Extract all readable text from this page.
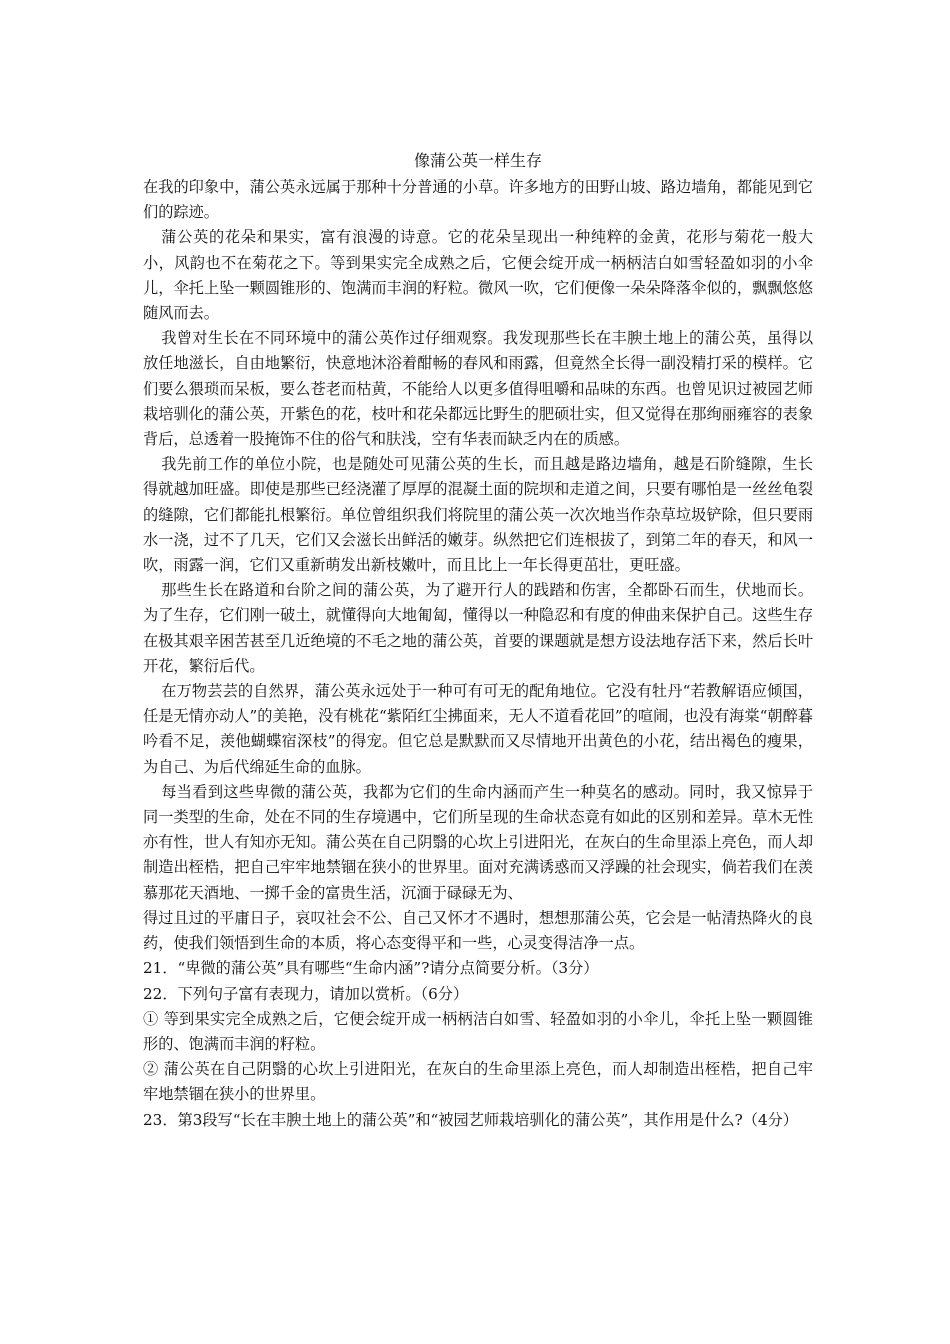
像蒲公英一样生存

在我的印象中，蒲公英永远属于那种十分普通的小草。许多地方的田野山坡、路边墙角，都能见到它们的踪迹。

蒲公英的花朵和果实，富有浪漫的诗意。它的花朵呈现出一种纯粹的金黄，花形与菊花一般大小，风韵也不在菊花之下。等到果实完全成熟之后，它便会绽开成一柄柄洁白如雪轻盈如羽的小伞儿，伞托上坠一颗圆锥形的、饱满而丰润的籽粒。微风一吹，它们便像一朵朵降落伞似的，飘飘悠悠随风而去。

我曾对生长在不同环境中的蒲公英作过仔细观察。我发现那些长在丰腴土地上的蒲公英，虽得以放任地滋长，自由地繁衍，快意地沐浴着酣畅的春风和雨露，但竟然全长得一副没精打采的模样。它们要么猥琐而呆板，要么苍老而枯黄，不能给人以更多值得咀嚼和品味的东西。也曾见识过被园艺师栽培驯化的蒲公英，开紫色的花，枝叶和花朵都远比野生的肥硕壮实，但又觉得在那绚丽雍容的表象背后，总透着一股掩饰不住的俗气和肤浅，空有华表而缺乏内在的质感。

我先前工作的单位小院，也是随处可见蒲公英的生长，而且越是路边墙角，越是石阶缝隙，生长得就越加旺盛。即使是那些已经浇灌了厚厚的混凝土面的院坝和走道之间，只要有哪怕是一丝丝龟裂的缝隙，它们都能扎根繁衍。单位曾组织我们将院里的蒲公英一次次地当作杂草垃圾铲除，但只要雨水一浇，过不了几天，它们又会滋长出鲜活的嫩芽。纵然把它们连根拔了，到第二年的春天，和风一吹，雨露一润，它们又重新萌发出新枝嫩叶，而且比上一年长得更茁壮，更旺盛。

那些生长在路道和台阶之间的蒲公英，为了避开行人的践踏和伤害，全都卧石而生，伏地而长。为了生存，它们刚一破土，就懂得向大地匍匐，懂得以一种隐忍和有度的伸曲来保护自己。这些生存在极其艰辛困苦甚至几近绝境的不毛之地的蒲公英，首要的课题就是想方设法地存活下来，然后长叶开花，繁衍后代。

在万物芸芸的自然界，蒲公英永远处于一种可有可无的配角地位。它没有牡丹“若教解语应倾国，任是无情亦动人”的美艳，没有桃花“紫陌红尘拂面来，无人不道看花回”的喧闹，也没有海棠“朝醉暮吟看不足，羡他蝴蝶宿深枝”的得宠。但它总是默默而又尽情地开出黄色的小花，结出褐色的瘦果，为自己、为后代绵延生命的血脉。

每当看到这些卑微的蒲公英，我都为它们的生命内涵而产生一种莫名的感动。同时，我又惊异于同一类型的生命，处在不同的生存境遇中，它们所呈现的生命状态竟有如此的区别和差异。草木无性亦有性，世人有知亦无知。蒲公英在自己阴翳的心坎上引进阳光，在灰白的生命里添上亮色，而人却制造出桎梏，把自己牢牢地禁锢在狭小的世界里。面对充满诱惑而又浮躁的社会现实，倘若我们在羡慕那花天酒地、一掷千金的富贵生活，沉湎于碌碌无为、

得过且过的平庸日子，哀叹社会不公、自己又怀才不遇时，想想那蒲公英，它会是一帖清热降火的良药，使我们领悟到生命的本质，将心态变得平和一些，心灵变得洁净一点。

21．“卑微的蒲公英”具有哪些“生命内涵”?请分点简要分析。（3分）

22．下列句子富有表现力，请加以赏析。（6分）

① 等到果实完全成熟之后，它便会绽开成一柄柄洁白如雪、轻盈如羽的小伞儿，伞托上坠一颗圆锥形的、饱满而丰润的籽粒。

② 蒲公英在自己阴翳的心坎上引进阳光，在灰白的生命里添上亮色，而人却制造出桎梏，把自己牢牢地禁锢在狭小的世界里。

23．第3段写“长在丰腴土地上的蒲公英”和“被园艺师栽培驯化的蒲公英”，其作用是什么?（4分）
